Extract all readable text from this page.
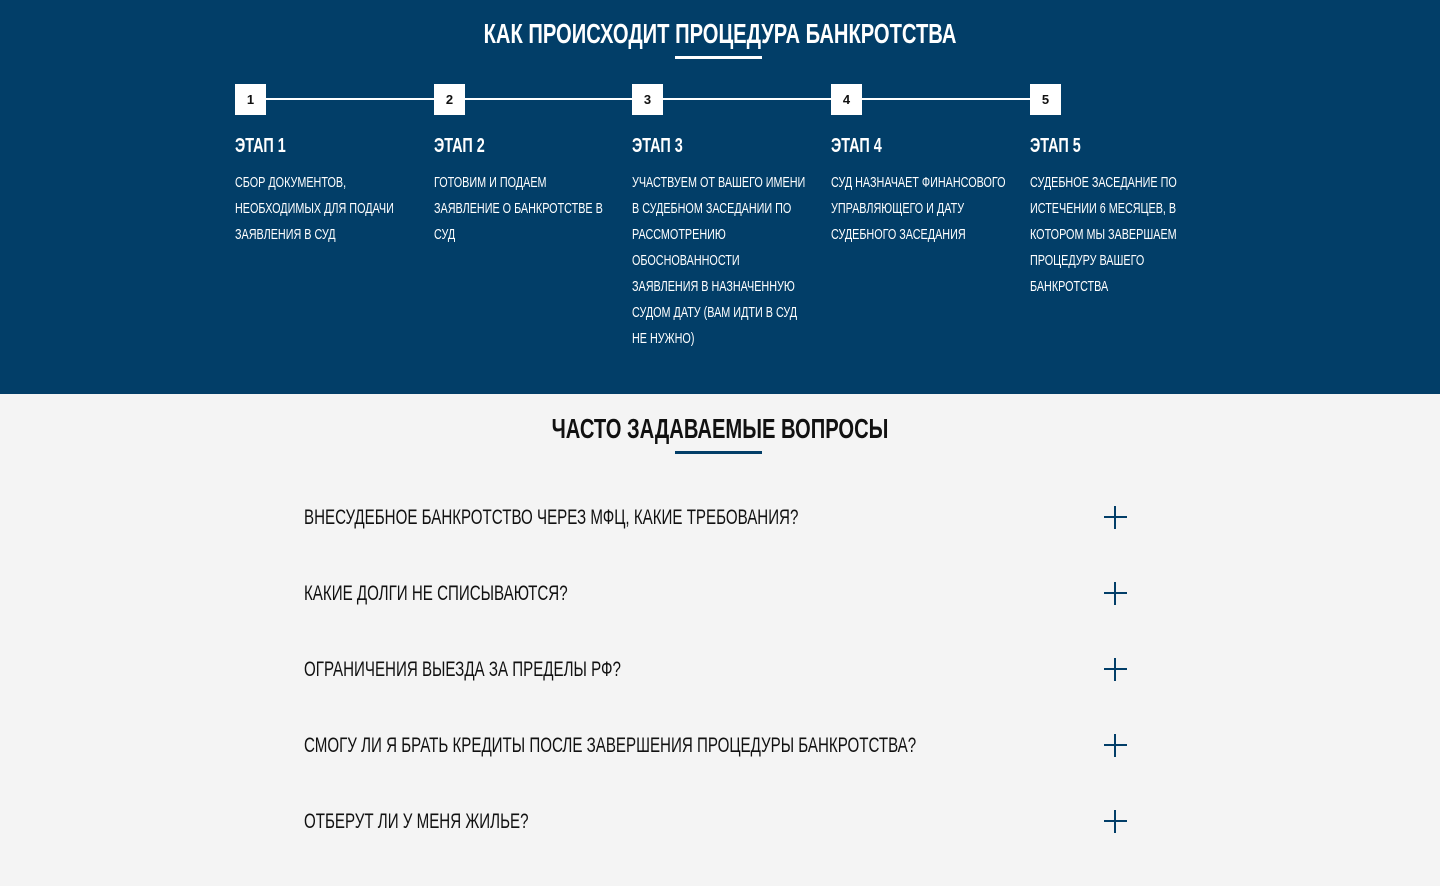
КАК ПРОИСХОДИТ ПРОЦЕДУРА БАНКРОТСТВА
1
ЭТАП 1
СБОР ДОКУМЕНТОВ, НЕОБХОДИМЫХ ДЛЯ ПОДАЧИ ЗАЯВЛЕНИЯ В СУД
2
ЭТАП 2
ГОТОВИМ И ПОДАЕМ ЗАЯВЛЕНИЕ О БАНКРОТСТВЕ В СУД
3
ЭТАП 3
УЧАСТВУЕМ ОТ ВАШЕГО ИМЕНИ В СУДЕБНОМ ЗАСЕДАНИИ ПО РАССМОТРЕНИЮ ОБОСНОВАННОСТИ ЗАЯВЛЕНИЯ В НАЗНАЧЕННУЮ СУДОМ ДАТУ (ВАМ ИДТИ В СУД НЕ НУЖНО)
4
ЭТАП 4
СУД НАЗНАЧАЕТ ФИНАНСОВОГО УПРАВЛЯЮЩЕГО И ДАТУ СУДЕБНОГО ЗАСЕДАНИЯ
5
ЭТАП 5
СУДЕБНОЕ ЗАСЕДАНИЕ ПО ИСТЕЧЕНИИ 6 МЕСЯЦЕВ, В КОТОРОМ МЫ ЗАВЕРШАЕМ ПРОЦЕДУРУ ВАШЕГО БАНКРОТСТВА
ЧАСТО ЗАДАВАЕМЫЕ ВОПРОСЫ
ВНЕСУДЕБНОЕ БАНКРОТСТВО ЧЕРЕЗ МФЦ, КАКИЕ ТРЕБОВАНИЯ?
КАКИЕ ДОЛГИ НЕ СПИСЫВАЮТСЯ?
ОГРАНИЧЕНИЯ ВЫЕЗДА ЗА ПРЕДЕЛЫ РФ?
СМОГУ ЛИ Я БРАТЬ КРЕДИТЫ ПОСЛЕ ЗАВЕРШЕНИЯ ПРОЦЕДУРЫ БАНКРОТСТВА?
ОТБЕРУТ ЛИ У МЕНЯ ЖИЛЬЕ?
